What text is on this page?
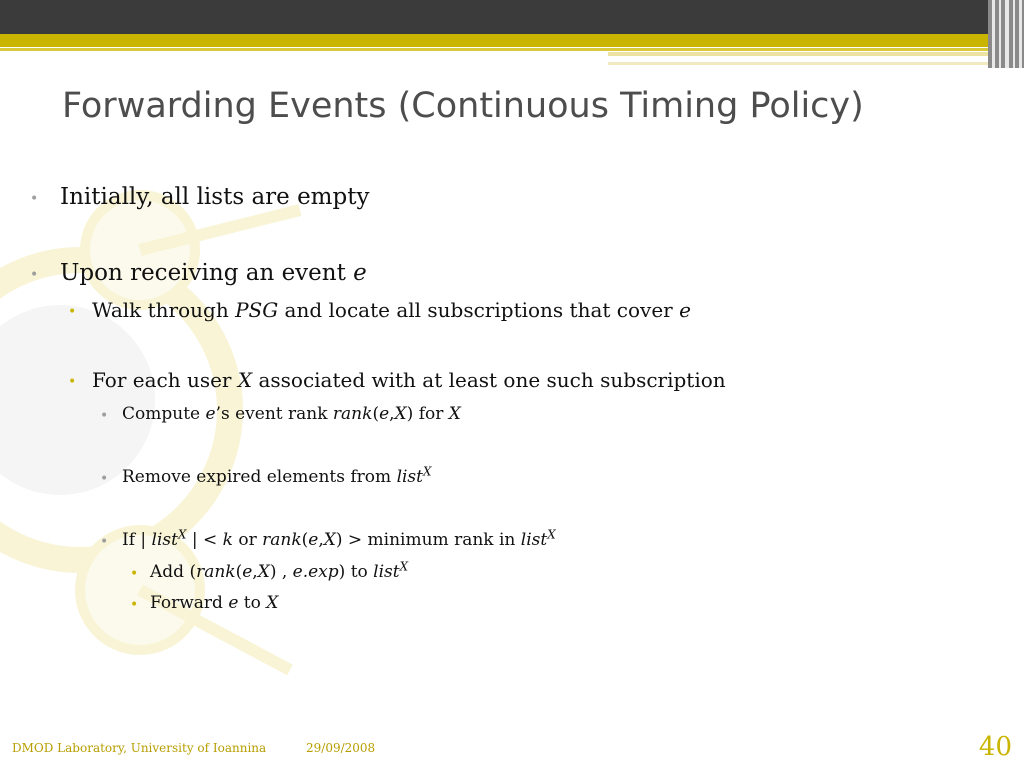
Forwarding Events (Continuous Timing Policy)
• Initially, all lists are empty
• Upon receiving an event e
• Walk through PSG and locate all subscriptions that cover e
• For each user X associated with at least one such subscription
• Compute e’s event rank rank(e,X) for X
• Remove expired elements from list$^X$
• If | list$^X$ | < k or rank(e,X) > minimum rank in list$^X$
• Add (rank(e,X) , e.exp) to list$^X$
• Forward e to X
DMOD Laboratory, University of Ioannina	29/09/2008	40
